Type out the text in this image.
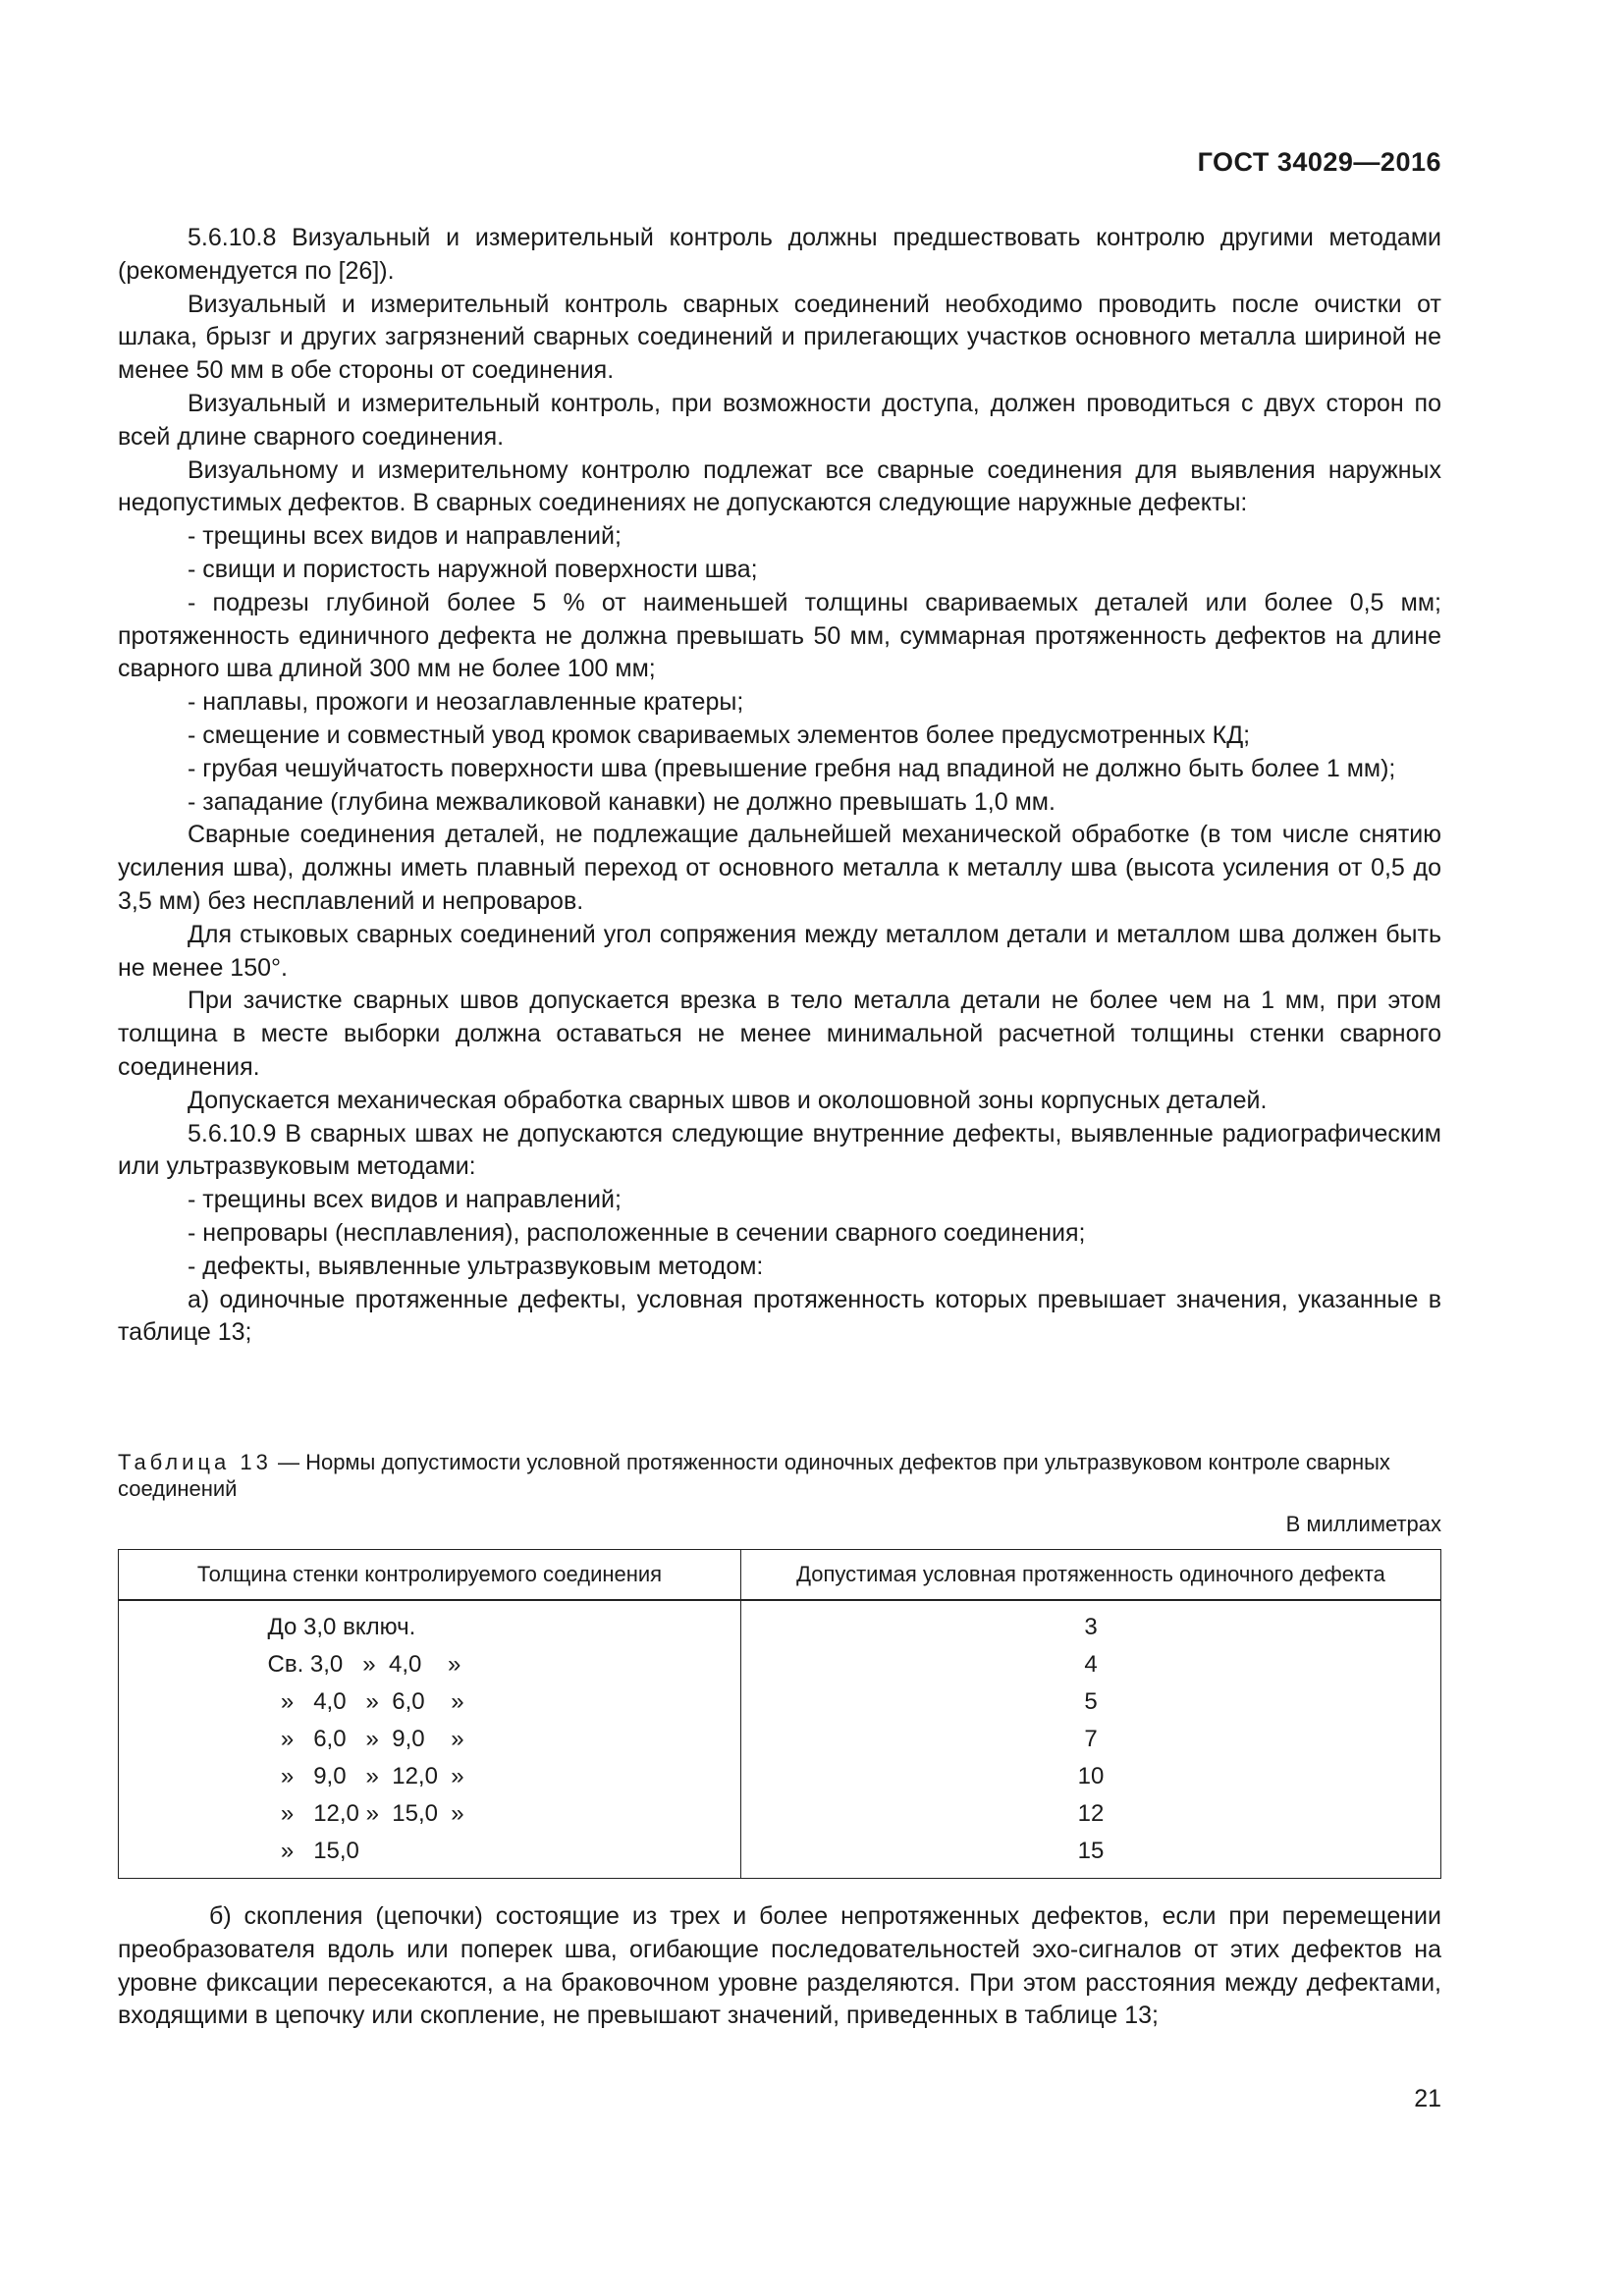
ГОСТ 34029—2016

5.6.10.8 Визуальный и измерительный контроль должны предшествовать контролю другими методами (рекомендуется по [26]).

Визуальный и измерительный контроль сварных соединений необходимо проводить после очистки от шлака, брызг и других загрязнений сварных соединений и прилегающих участков основного металла шириной не менее 50 мм в обе стороны от соединения.

Визуальный и измерительный контроль, при возможности доступа, должен проводиться с двух сторон по всей длине сварного соединения.

Визуальному и измерительному контролю подлежат все сварные соединения для выявления наружных недопустимых дефектов. В сварных соединениях не допускаются следующие наружные дефекты:

- трещины всех видов и направлений;

- свищи и пористость наружной поверхности шва;

- подрезы глубиной более 5 % от наименьшей толщины свариваемых деталей или более 0,5 мм; протяженность единичного дефекта не должна превышать 50 мм, суммарная протяженность дефектов на длине сварного шва длиной 300 мм не более 100 мм;

- наплавы, прожоги и неозаглавленные кратеры;

- смещение и совместный увод кромок свариваемых элементов более предусмотренных КД;

- грубая чешуйчатость поверхности шва (превышение гребня над впадиной не должно быть более 1 мм);

- западание (глубина межваликовой канавки) не должно превышать 1,0 мм.

Сварные соединения деталей, не подлежащие дальнейшей механической обработке (в том числе снятию усиления шва), должны иметь плавный переход от основного металла к металлу шва (высота усиления от 0,5 до 3,5 мм) без несплавлений и непроваров.

Для стыковых сварных соединений угол сопряжения между металлом детали и металлом шва должен быть не менее 150°.

При зачистке сварных швов допускается врезка в тело металла детали не более чем на 1 мм, при этом толщина в месте выборки должна оставаться не менее минимальной расчетной толщины стенки сварного соединения.

Допускается механическая обработка сварных швов и околошовной зоны корпусных деталей.

5.6.10.9 В сварных швах не допускаются следующие внутренние дефекты, выявленные радиографическим или ультразвуковым методами:

- трещины всех видов и направлений;

- непровары (несплавления), расположенные в сечении сварного соединения;

- дефекты, выявленные ультразвуковым методом:

а) одиночные протяженные дефекты, условная протяженность которых превышает значения, указанные в таблице 13;

Таблица 13 — Нормы допустимости условной протяженности одиночных дефектов при ультразвуковом контроле сварных соединений
В миллиметрах
Толщина стенки контролируемого соединения	Допустимая условная протяженность одиночного дефекта
До 3,0 включ.	3
Св. 3,0   »  4,0    »	4
»   4,0   »  6,0    »	5
»   6,0   »  9,0    »	7
»   9,0   »  12,0  »	10
»   12,0 »  15,0  »	12
»   15,0	15

б) скопления (цепочки) состоящие из трех и более непротяженных дефектов, если при перемещении преобразователя вдоль или поперек шва, огибающие последовательностей эхо-сигналов от этих дефектов на уровне фиксации пересекаются, а на браковочном уровне разделяются. При этом расстояния между дефектами, входящими в цепочку или скопление, не превышают значений, приведенных в таблице 13;

21
